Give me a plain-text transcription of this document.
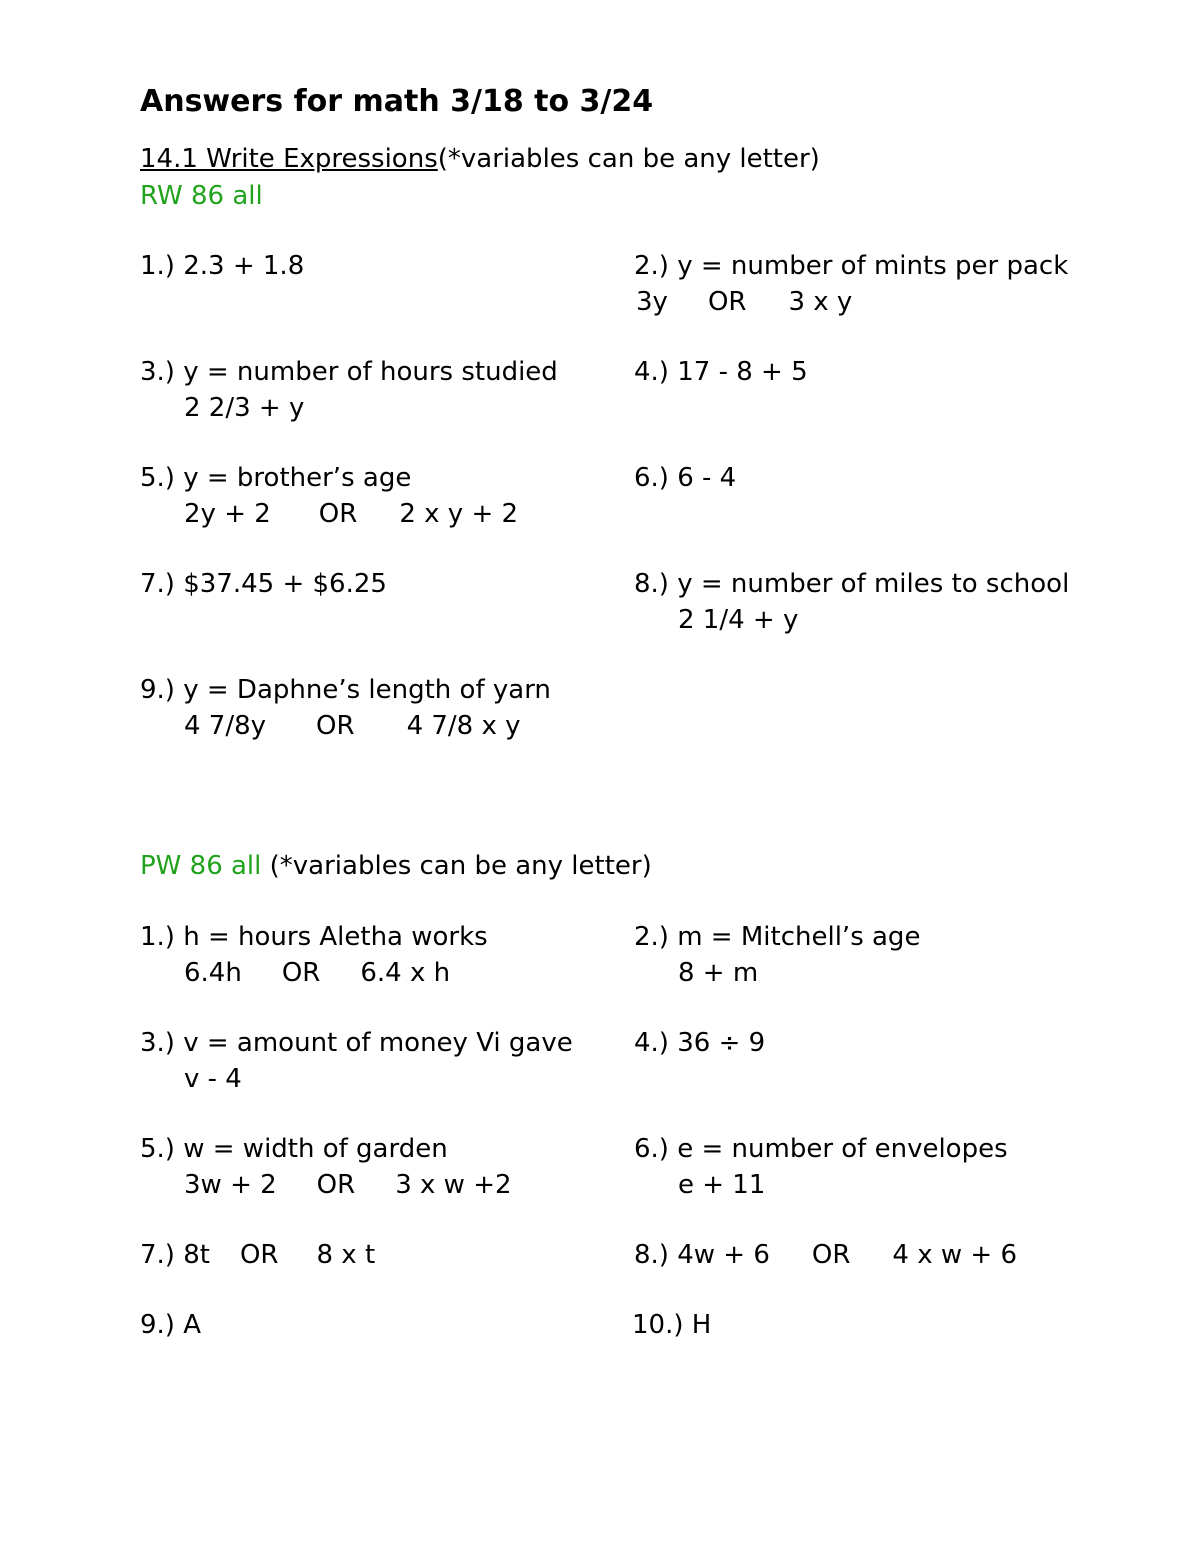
Answers for math 3/18 to 3/24
14.1 Write Expressions(*variables can be any letter)
RW 86 all
1.) 2.3 + 1.8	2.) y = number of mints per pack
3y OR 3 x y
3.) y = number of hours studied
2 2/3 + y
4.) 17 - 8 + 5
5.) y = brother’s age
2y + 2 OR 2 x y + 2
6.) 6 - 4
7.) $37.45 + $6.25	8.) y = number of miles to school
2 1/4 + y
9.) y = Daphne’s length of yarn
4 7/8y OR 4 7/8 x y
PW 86 all (*variables can be any letter)
1.) h = hours Aletha works
6.4h OR 6.4 x h
2.) m = Mitchell’s age
8 + m
3.) v = amount of money Vi gave
v - 4
4.) 36 ÷ 9
5.) w = width of garden
3w + 2 OR 3 x w +2
6.) e = number of envelopes
e + 11
7.) 8t OR 8 x t	8.) 4w + 6 OR 4 x w + 6
9.) A	10.) H
